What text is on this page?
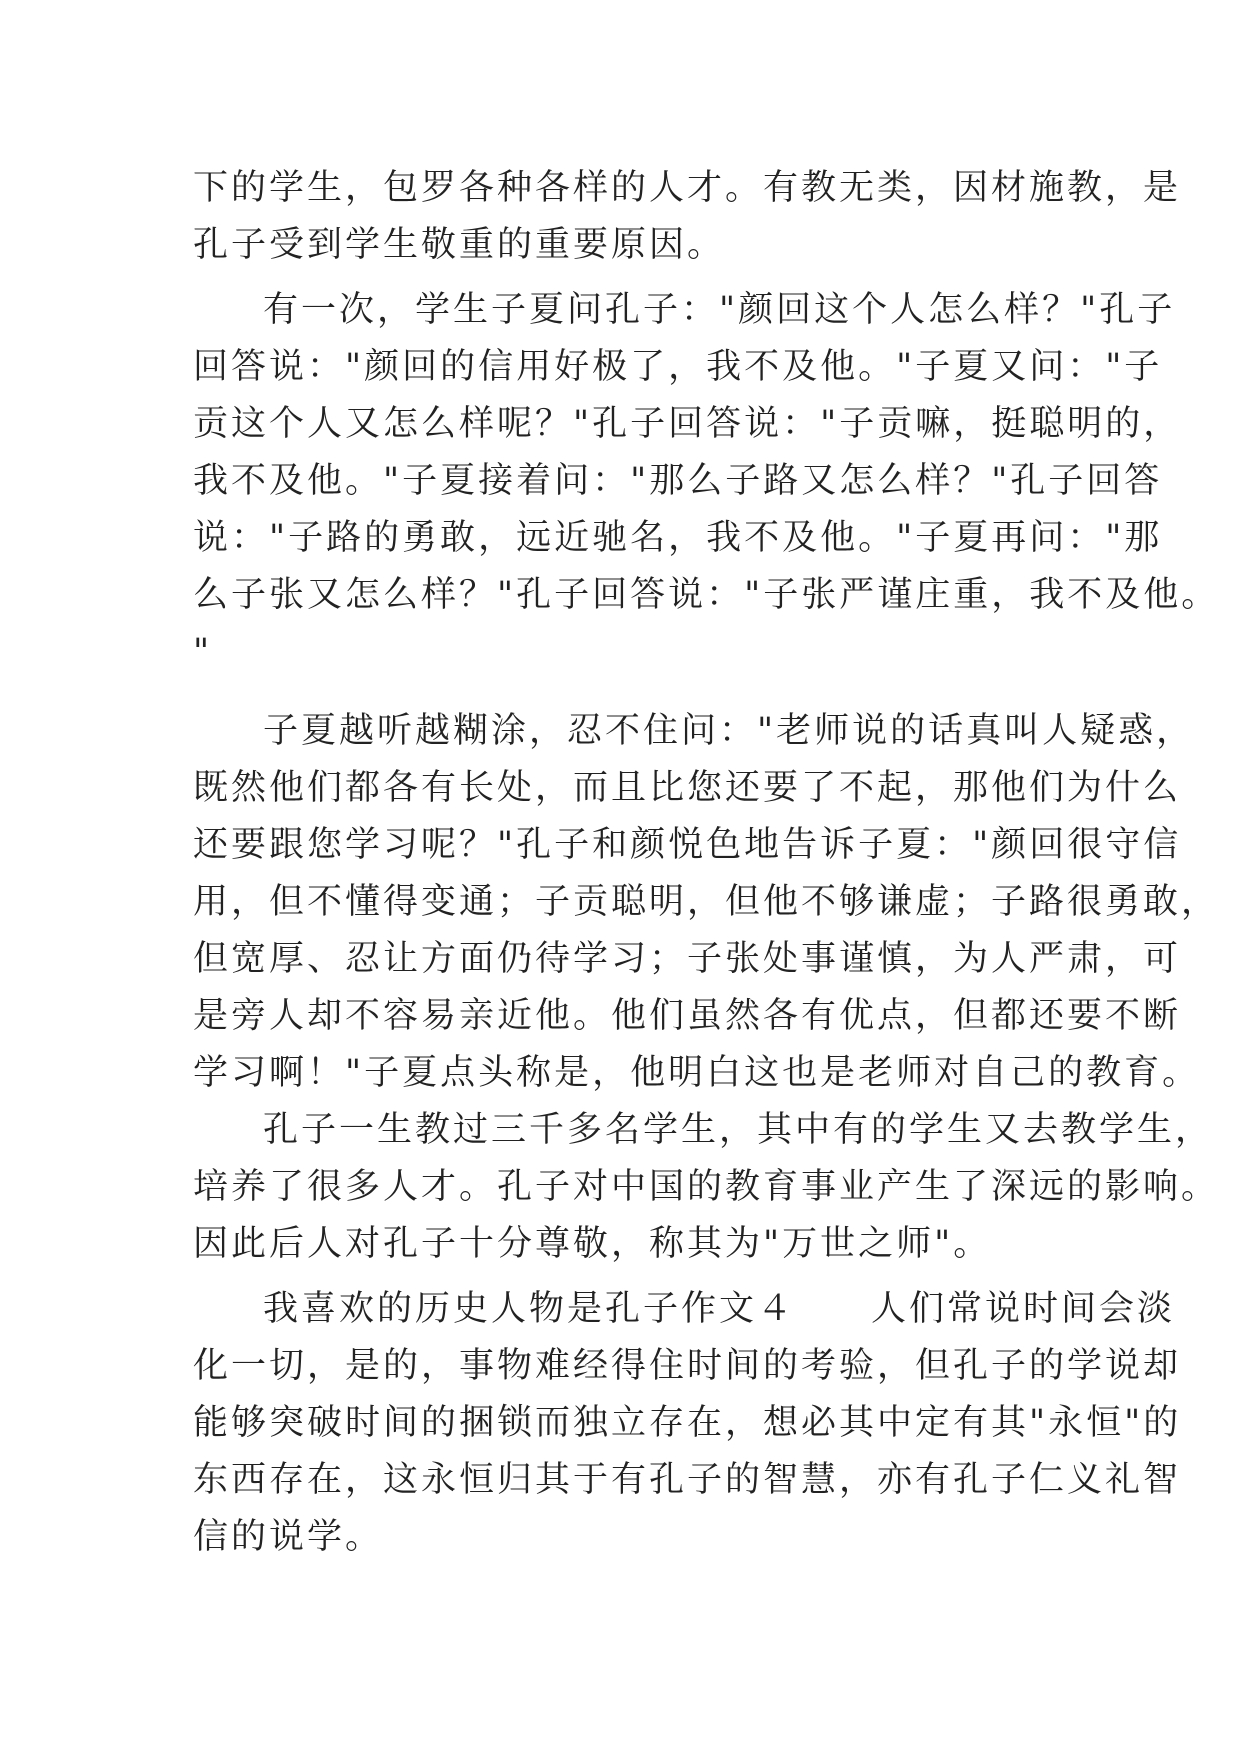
下的学生，包罗各种各样的人才。有教无类，因材施教，是
孔子受到学生敬重的重要原因。
有一次，学生子夏问孔子："颜回这个人怎么样？"孔子
回答说："颜回的信用好极了，我不及他。"子夏又问："子
贡这个人又怎么样呢？"孔子回答说："子贡嘛，挺聪明的，
我不及他。"子夏接着问："那么子路又怎么样？"孔子回答
说："子路的勇敢，远近驰名，我不及他。"子夏再问："那
么子张又怎么样？"孔子回答说："子张严谨庄重，我不及他。
"
子夏越听越糊涂，忍不住问："老师说的话真叫人疑惑，
既然他们都各有长处，而且比您还要了不起，那他们为什么
还要跟您学习呢？"孔子和颜悦色地告诉子夏："颜回很守信
用，但不懂得变通；子贡聪明，但他不够谦虚；子路很勇敢，
但宽厚、忍让方面仍待学习；子张处事谨慎，为人严肃，可
是旁人却不容易亲近他。他们虽然各有优点，但都还要不断
学习啊！"子夏点头称是，他明白这也是老师对自己的教育。
孔子一生教过三千多名学生，其中有的学生又去教学生，
培养了很多人才。孔子对中国的教育事业产生了深远的影响。
因此后人对孔子十分尊敬，称其为"万世之师"。
我喜欢的历史人物是孔子作文４　　人们常说时间会淡
化一切，是的，事物难经得住时间的考验，但孔子的学说却
能够突破时间的捆锁而独立存在，想必其中定有其"永恒"的
东西存在，这永恒归其于有孔子的智慧，亦有孔子仁义礼智
信的说学。
